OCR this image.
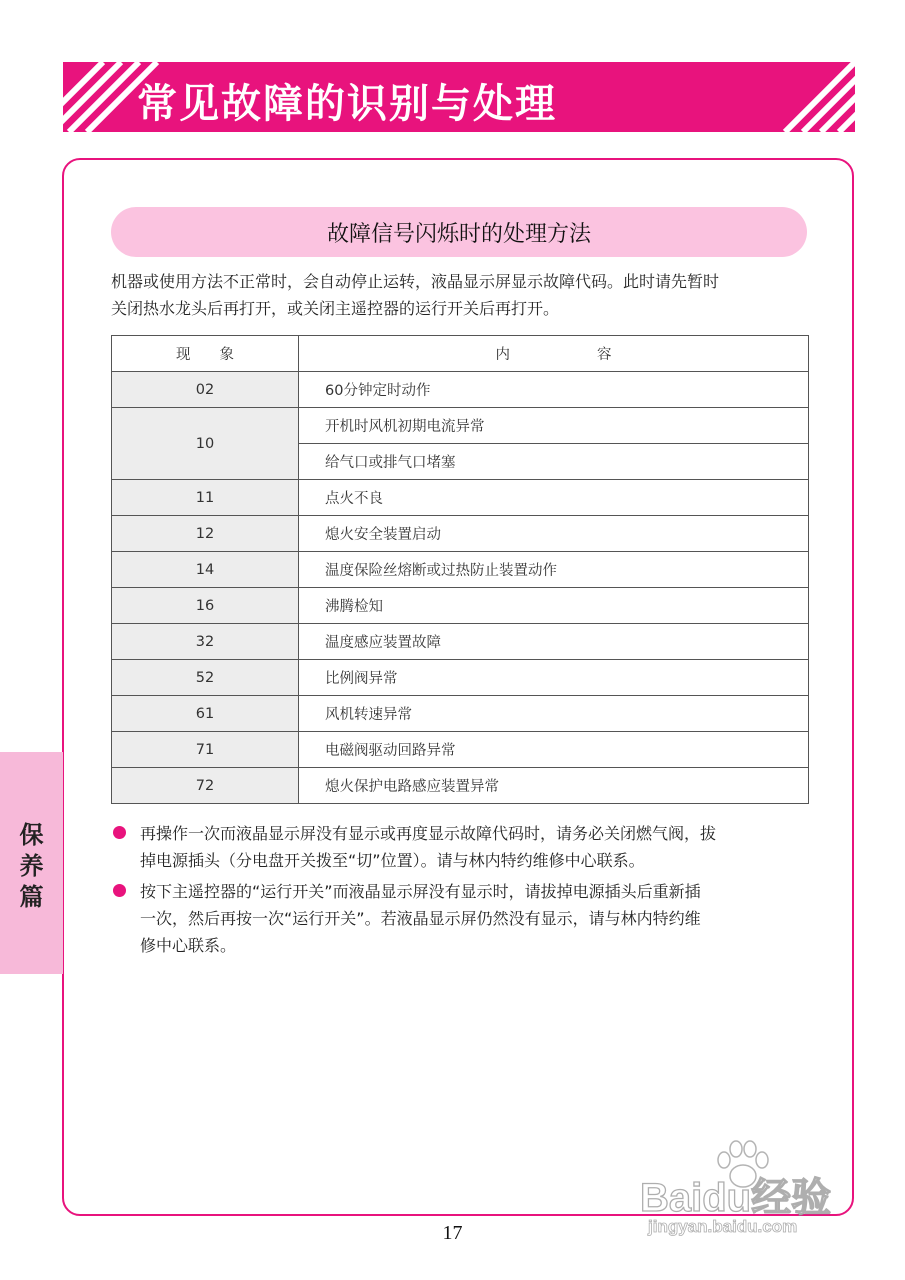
常见故障的识别与处理
保
养
篇
故障信号闪烁时的处理方法
机器或使用方法不正常时，会自动停止运转，液晶显示屏显示故障代码。此时请先暂时
关闭热水龙头后再打开，或关闭主遥控器的运行开关后再打开。
现　　象	内　　　　　　容
02	60分钟定时动作
10	开机时风机初期电流异常
	给气口或排气口堵塞
11	点火不良
12	熄火安全装置启动
14	温度保险丝熔断或过热防止装置动作
16	沸腾检知
32	温度感应装置故障
52	比例阀异常
61	风机转速异常
71	电磁阀驱动回路异常
72	熄火保护电路感应装置异常
再操作一次而液晶显示屏没有显示或再度显示故障代码时，请务必关闭燃气阀，拔
掉电源插头（分电盘开关拨至“切”位置）。请与林内特约维修中心联系。
按下主遥控器的“运行开关”而液晶显示屏没有显示时，请拔掉电源插头后重新插
一次，然后再按一次“运行开关”。若液晶显示屏仍然没有显示，请与林内特约维
修中心联系。
17
Baidu经验
jingyan.baidu.com
